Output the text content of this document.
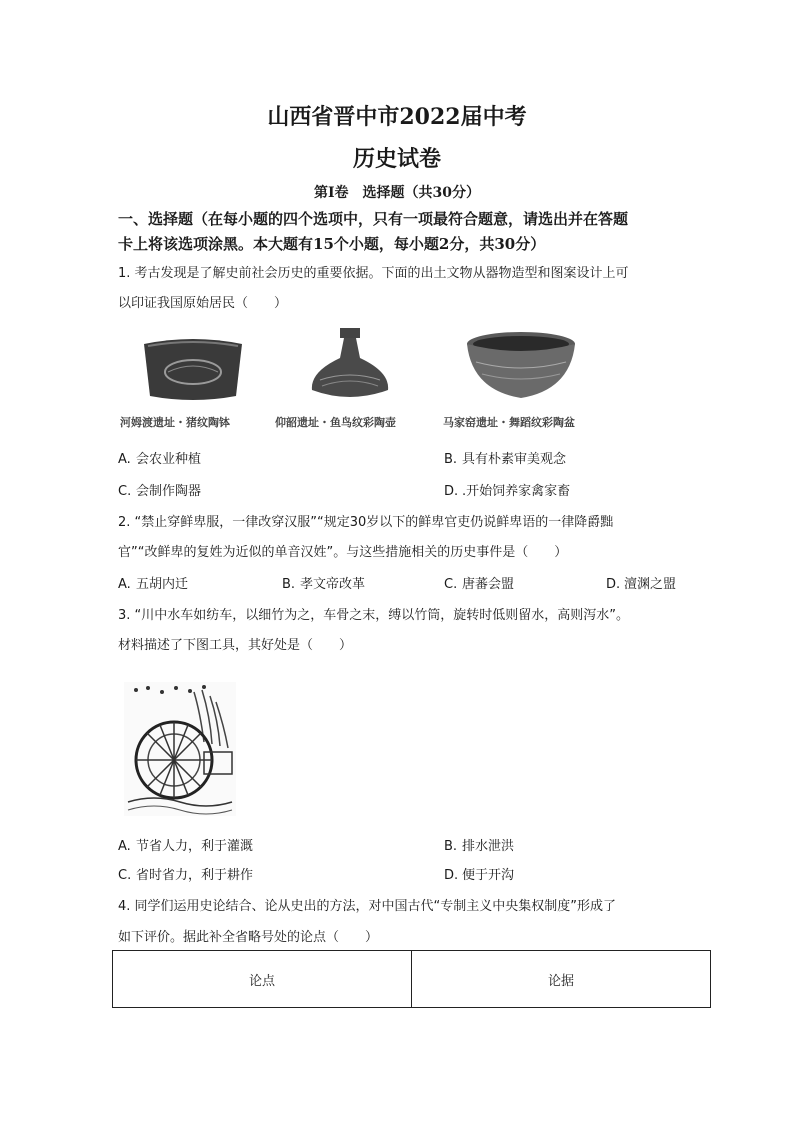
山西省晋中市2022届中考
历史试卷
第Ⅰ卷　选择题（共30分）
一、选择题（在每小题的四个选项中，只有一项最符合题意，请选出并在答题
卡上将该选项涂黑。本大题有15个小题，每小题2分，共30分）
1. 考古发现是了解史前社会历史的重要依据。下面的出土文物从器物造型和图案设计上可
以印证我国原始居民（　　）
河姆渡遗址・猪纹陶钵	仰韶遗址・鱼鸟纹彩陶壶	马家窑遗址・舞蹈纹彩陶盆
A. 会农业种植	B. 具有朴素审美观念
C. 会制作陶器	D. .开始饲养家禽家畜
2. “禁止穿鲜卑服，一律改穿汉服”“规定30岁以下的鲜卑官吏仍说鲜卑语的一律降爵黜
官”“改鲜卑的复姓为近似的单音汉姓”。与这些措施相关的历史事件是（　　）
A. 五胡内迁	B. 孝文帝改革	C. 唐蕃会盟	D. 澶渊之盟
3. “川中水车如纺车，以细竹为之，车骨之末，缚以竹筒，旋转时低则留水，高则泻水”。
材料描述了下图工具，其好处是（　　）
A. 节省人力，利于灌溉	B. 排水泄洪
C. 省时省力，利于耕作	D. 便于开沟
4. 同学们运用史论结合、论从史出的方法，对中国古代“专制主义中央集权制度”形成了
如下评价。据此补全省略号处的论点（　　）
论点	论据
